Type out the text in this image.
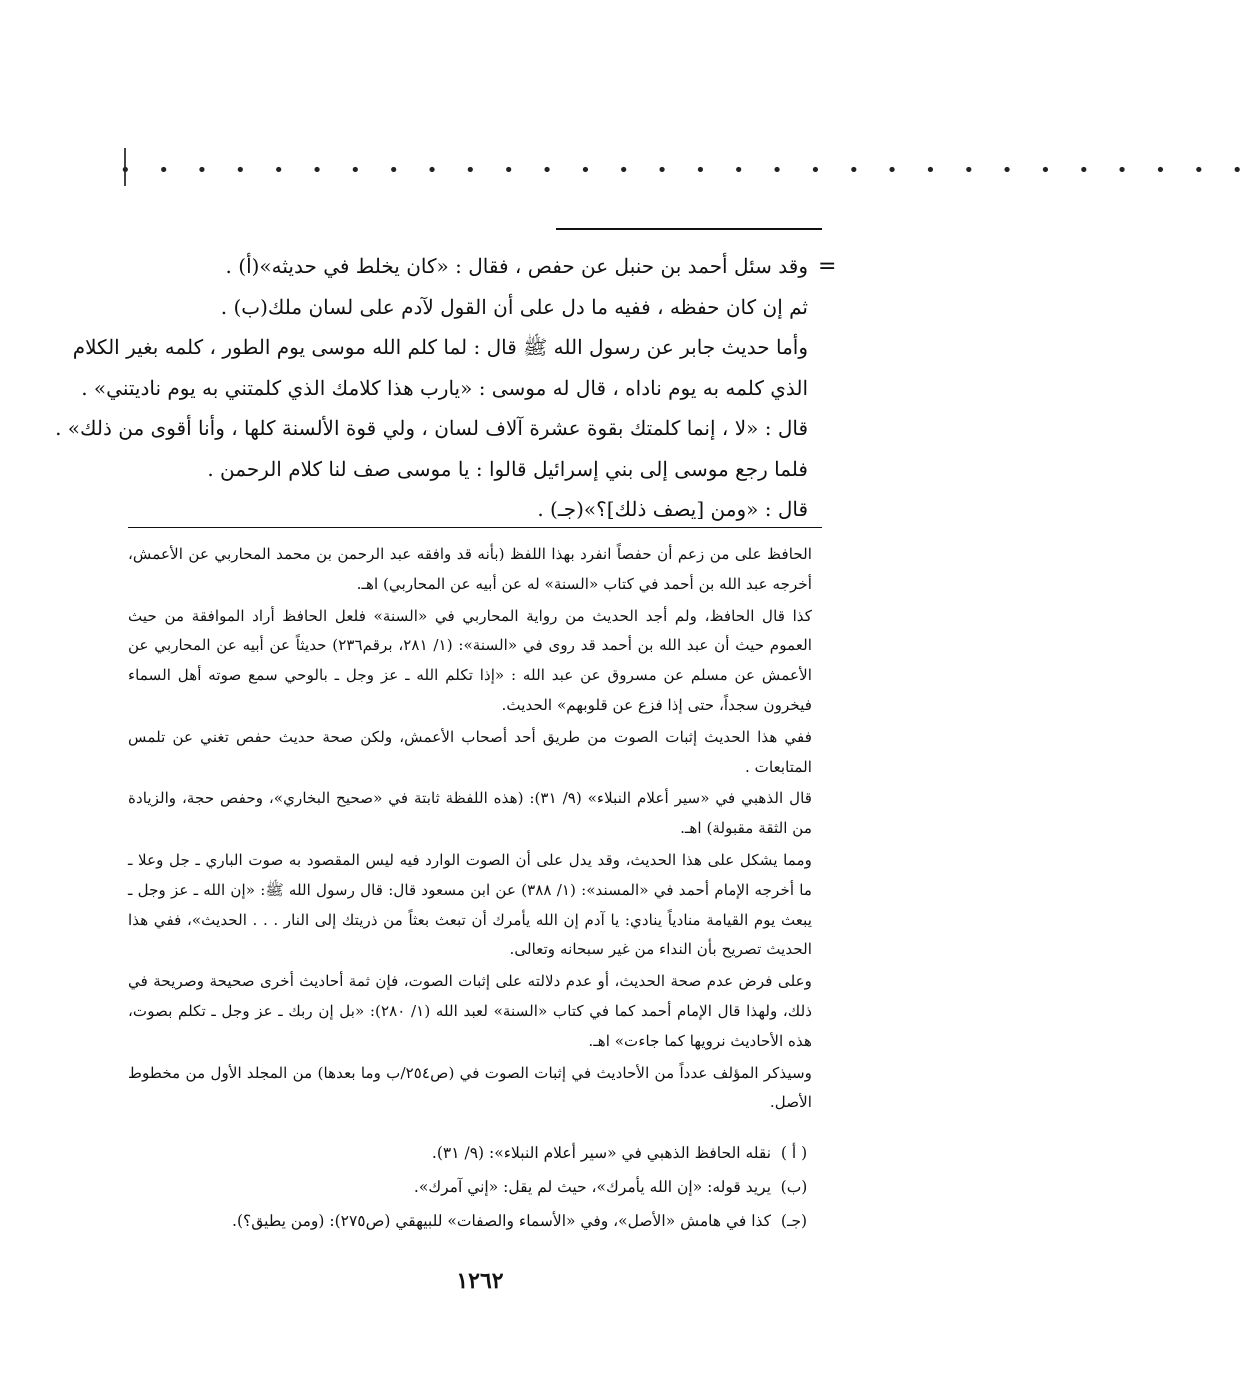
• • • • • • • • • • • • • • • • • • • • • • • • • • • • • •
=

وقد سئل أحمد بن حنبل عن حفص ، فقال : «كان يخلط في حديثه»(أ) .

ثم إن كان حفظه ، ففيه ما دل على أن القول لآدم على لسان ملك(ب) .

وأما حديث جابر عن رسول الله ﷺ قال : لما كلم الله موسى يوم الطور ، كلمه بغير الكلام

الذي كلمه به يوم ناداه ، قال له موسى : «يارب هذا كلامك الذي كلمتني به يوم ناديتني» .

قال : «لا ، إنما كلمتك بقوة عشرة آلاف لسان ، ولي قوة الألسنة كلها ، وأنا أقوى من ذلك» .

فلما رجع موسى إلى بني إسرائيل قالوا : يا موسى صف لنا كلام الرحمن .

قال : «ومن [يصف ذلك]؟»(جـ) .

الحافظ على من زعم أن حفصاً انفرد بهذا اللفظ (بأنه قد وافقه عبد الرحمن بن محمد المحاربي عن الأعمش، أخرجه عبد الله بن أحمد في كتاب «السنة» له عن أبيه عن المحاربي) اهـ.

كذا قال الحافظ، ولم أجد الحديث من رواية المحاربي في «السنة» فلعل الحافظ أراد الموافقة من حيث العموم حيث أن عبد الله بن أحمد قد روى في «السنة»: (١/ ٢٨١، برقم٢٣٦) حديثاً عن أبيه عن المحاربي عن الأعمش عن مسلم عن مسروق عن عبد الله : «إذا تكلم الله ـ عز وجل ـ بالوحي سمع صوته أهل السماء فيخرون سجداً، حتى إذا فزع عن قلوبهم» الحديث.

ففي هذا الحديث إثبات الصوت من طريق أحد أصحاب الأعمش، ولكن صحة حديث حفص تغني عن تلمس المتابعات .

قال الذهبي في «سير أعلام النبلاء» (٩/ ٣١): (هذه اللفظة ثابتة في «صحيح البخاري»، وحفص حجة، والزيادة من الثقة مقبولة) اهـ.

ومما يشكل على هذا الحديث، وقد يدل على أن الصوت الوارد فيه ليس المقصود به صوت الباري ـ جل وعلا ـ ما أخرجه الإمام أحمد في «المسند»: (١/ ٣٨٨) عن ابن مسعود قال: قال رسول الله ﷺ: «إن الله ـ عز وجل ـ يبعث يوم القيامة منادياً ينادي: يا آدم إن الله يأمرك أن تبعث بعثاً من ذريتك إلى النار . . . الحديث»، ففي هذا الحديث تصريح بأن النداء من غير سبحانه وتعالى.

وعلى فرض عدم صحة الحديث، أو عدم دلالته على إثبات الصوت، فإن ثمة أحاديث أخرى صحيحة وصريحة في ذلك، ولهذا قال الإمام أحمد كما في كتاب «السنة» لعبد الله (١/ ٢٨٠): «بل إن ربك ـ عز وجل ـ تكلم بصوت، هذه الأحاديث نرويها كما جاءت» اهـ.

وسيذكر المؤلف عدداً من الأحاديث في إثبات الصوت في (ص٢٥٤/ب وما بعدها) من المجلد الأول من مخطوط الأصل.

( أ ) نقله الحافظ الذهبي في «سير أعلام النبلاء»: (٩/ ٣١).

(ب) يريد قوله: «إن الله يأمرك»، حيث لم يقل: «إني آمرك».

(جـ) كذا في هامش «الأصل»، وفي «الأسماء والصفات» للبيهقي (ص٢٧٥): (ومن يطيق؟).

١٢٦٢
